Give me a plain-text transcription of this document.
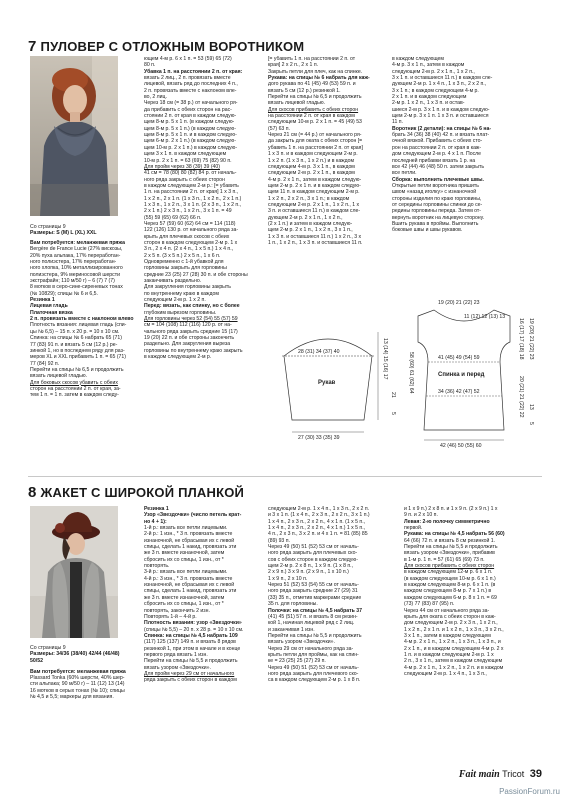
7 ПУЛОВЕР С ОТЛОЖНЫМ ВОРОТНИКОМ
Со страницы 9
Размеры: S (M) L (XL) XXL

Вам потребуется: меланжевая пряжа

Bergère de France Lucie (27% вискозы,

20% пуха альпака, 17% переработан-

ного полиэстера, 17% переработан-

ного хлопка, 10% металлизированного

полиэстера, 9% мериносовой шерсти

экстрафайн; 110 м/50 г) – 6 (7) 7 (7)

8 мотков в серо-сине-сиреневых тонах

(№ 10829); спицы № 6 и 6,5.

Резинка 1

Лицевая гладь

Платочная вязка

2 п. провязать вместе с наклоном влево

Плотность вязания: лицевая гладь (спи-

цы № 6,5) – 15 п. x 20 р. = 10 x 10 см.

Спинка: на спицы № 6 набрать 65 (71)

77 (83) 91 п. и вязать 5 см (12 р.) ре-

зинкой 1, но в последнем ряду для раз-

меров XL и XXL прибавить 1 п. = 65 (71)

77 (84) 92 п.

Перейти на спицы № 6,5 и продолжить

вязать лицевой гладью.

Для боковых скосов убавить с обеих

сторон на расстоянии 2 п. от края, за-

тем 1 п. = 1 п. затем в каждом следу-

ющем 4-м р. 6 x 1 п. = 53 (59) 65 (72)

80 п.

Убавка 1 п. на расстоянии 2 п. от края:

вязать 2 лиц., 2 п. провязать вместе

лицевой, вязать ряд до последних 4 п.,

2 п. провязать вместе с наклоном вле-

во, 2 лиц.

Через 18 см (= 38 р.) от начального ря-

да прибавить с обеих сторон на рас-

стоянии 2 п. от края в каждом следую-

щем 8-м р. 5 x 1 п. (в каждом следую-

щем 8-м р. 5 x 1 п.) (в каждом следую-

щем 8-м р. 5 x 1 п. и в каждом следую-

щем 6-м р. 2 x 1 п.) (в каждом следую-

щем 10-м р. 2 x 1 п.) в каждом следую-

щем 3 x 1 п. в каждом следующем

10-м р. 2 x 1 п. = 63 (69) 75 (82) 90 п.

Для пройм через 38 (39) 39 (40)

41 см = 78 (80) 80 (82) 84 р. от началь-

ного ряда закрыть с обеих сторон

в каждом следующем 2-м р.: [= убавить

1 п. на расстоянии 2 п. от края] 1 x 3 п.,

1 x 2 п., 2 x 1 п. (1 x 3 п., 1 x 2 п., 2 x 1 п.)

1 x 3 п., 1 x 2 п., 3 x 1 п. (2 x 3 п., 1 x 2 п.,

2 x 1 п.) 2 x 3 п., 1 x 2 п., 3 x 1 п. = 49

(55) 59 (65) 69 (62) 66 п.

Через 57 (59) 60 (62) 64 см = 114 (118)

122 (126) 130 р. от начального ряда за-

крыть для плечевых скосов с обеих

сторон в каждом следующем 2-м р. 1 x

3 п., 2 x 4 п. (2 x 4 п., 1 x 5 п.) 1 x 4 п.,

2 x 5 п. (3 x 5 п.) 2 x 5 п., 1 x 6 п.

Одновременно с 1-й убавкой для

горловины закрыть для горловины

средние 23 (25) 27 (28) 30 п. и обе стороны

заканчивать раздельно.

Для закругления горловины закрыть

по внутреннему краю в каждом

следующем 2-м р. 1 x 2 п.

Перед: вязать, как спинку, но с более

глубоким вырезом горловины.

Для горловины через 52 (54) 55 (57) 59

см = 104 (108) 112 (116) 120 р. от на-

чального ряда закрыть средние 15 (17)

19 (20) 22 п. и обе стороны закончить

раздельно. Для закругления выреза

горловины по внутреннему краю закрыть

в каждом следующем 2-м р.

[= убавить 1 п. на расстоянии 2 п. от

края] 2 x 2 п., 2 x 1 п.

Закрыть петли для плеч, как на спинке.

Рукава: на спицы № 6 набрать для каж-

дого рукава по 41 (45) 49 (53) 59 п. и

вязать 5 см (12 р.) резинкой 1.

Перейти на спицы № 6,5 и продолжить

вязать лицевой гладью.

Для скосов прибавить с обеих сторон

на расстоянии 2 п. от края в каждом

следующем 10-м р. 2 x 1 п. = 45 (49) 53

(57) 63 п.

Через 21 см (= 44 р.) от начального ря-

да закрыть для оката с обеих сторон [=

убавить 1 п. на расстоянии 2 п. от края]

1 x 3 п. и в каждом следующем 2-м р.

1 x 2 п. (1 x 3 п., 1 x 2 п.) и в каждом

следующем 4-м р. 3 x 1 п., в каждом

следующем 2-м р. 2 x 1 п., в каждом

4-м р. 2 x 1 п., затем в каждом следую-

щем 2-м р. 2 x 1 п. и в каждом следую-

щем 11 п. в каждом следующем 2-м р.

1 x 2 п., 2 x 2 п., 3 x 1 п.; в каждом

следующем 2-м р. 2 x 1 п., 1 x 2 п., 1 x

3 п. и оставшиеся 11 п.) в каждом сле-

дующем 2-м р. 2 x 1 п., 1 x 2 п.,

(2 x 1 п.) и затем в каждом следую-

щем 2-м р. 2 x 1 п., 1 x 2 п., 3 x 1 п.,

1 x 3 п. и оставшиеся 11 п.) 1 x 2 п., 3 x

1 п., 1 x 2 п., 1 x 3 п. и оставшиеся 11 п.

в каждом следующем

4-м р. 3 x 1 п., затем в каждом

следующем 2-м р. 2 x 1 п., 1 x 2 п.,

3 x 1 п. и оставшиеся 11 п.) в каждом сле-

дующем 2-м р. 1 x 4 п., 1 x 3 п., 2 x 2 п.,

3 x 1 п.; в каждом следующем 4-м р.

2 x 1 п. и в каждом следующем

2-м р. 1 x 2 п., 1 x 3 п. и остав-

шиеся 2-м р. 3 x 1 п. и в каждом следую-

щем 2-м р. 3 x 1 п. 1 x 3 п. и оставшиеся

11 п.

Воротник (2 детали): на спицы № 6 на-

брать 34 (36) 38 (40) 42 п. и вязать плат-

очной вязкой. Прибавить с обеих сто-

рон на расстоянии 2 п. от края в каж-

дом следующем 2-м р. 4 x 1 п. После

последней прибавки вязать 1 р. на

все 42 (44) 46 (48) 50 п. затем закрыть

все петли.

Сборка: выполнить плечевые швы.

Открытые петли воротника пришить

швом «назад иголку» с изнаночной

стороны изделия по краю горловины,

от середины горловины спинки до се-

редины горловины переда. Затем от-

вернуть воротник на лицевую сторону.

Вшить рукава в проймы. Выполнить

боковые швы и швы рукавов.

28 (31) 34 (37) 40
Рукав
27 (30) 33 (35) 39
13 (14) 15 (16) 17
21
5
19 (20) 21 (22) 23
11 (12) 12 (13) 13
41 (45) 49 (54) 59
Спинка и перед
34 (36) 42 (47) 52
42 (46) 50 (55) 60
58 (60) 61 (62) 64
16 (17) 17 (18) 18 19 (20) 21 (22) 23
20 (21) 21 (22) 22 13
5
8 ЖАКЕТ С ШИРОКОЙ ПЛАНКОЙ
Со страницы 9
Размеры: 34/36 (38/40) 42/44 (46/48)
50/52
Вам потребуется: меланжевая пряжа
Plassard Tonka (60% шерсти, 40% шер-
сти альпака; 90 м/50 г) – 11 (12) 13 (14)
16 мотков в серых тонах (№ 10); спицы
№ 4,5 и 5,5; маркеры для вязания.

Резинка 1

Узор «Звездочки» (число петель крат-

но 4 + 1):

1-й р.: вязать все петли лицевыми.

2-й р.: 1 изн., * 3 п. провязать вместе

изнаночной, не сбрасывая их с левой

спицы, сделать 1 накид, провязать эти

же 3 п. вместе изнаночной, затем

сбросить их со спицы, 1 изн., от *

повторять.

3-й р.: вязать все петли лицевыми.

4-й р.: 3 изн., * 3 п. провязать вместе

изнаночной, не сбрасывая их с левой

спицы, сделать 1 накид, провязать эти

же 3 п. вместе изнаночной, затем

сбросить их со спицы, 1 изн., от *

повторять, закончить 2 изн.

Повторять 1-й – 4-й р.

Плотность вязания: узор «Звездочки»

(спицы № 5,5) – 20 п. x 28 р. = 10 x 10 см.

Спинка: на спицы № 4,5 набрать 109

(117) 125 (137) 149 п. и вязать 8 рядов

резинкой 1, при этом в начале и в конце

первого ряда вязать 1 изн.

Перейти на спицы № 5,5 и продолжить

вязать узором «Звездочки».

Для пройм через 29 см от начального

ряда закрыть с обеих сторон в каждом

следующем 2-м р. 1 x 4 п., 1 x 3 п., 2 x 2 п.

и 3 x 1 п. (1 x 4 п., 2 x 3 п., 2 x 2 п., 3 x 1 п.)

1 x 4 п., 2 x 3 п., 2 x 2 п., 4 x 1 п. (1 x 5 п.,

1 x 4 п., 2 x 3 п., 2 x 2 п., 4 x 1 п.) 1 x 5 п.,

4 п., 2 x 3 п., 3 x 2 п. и 4 x 1 п. = 81 (85) 85

(89) 93 п.

Через 49 (50) 51 (52) 53 см от началь-

ного ряда закрыть для плечевых ско-

сов с обеих сторон в каждом следую-

щем 2-м р. 2 x 8 п., 1 x 9 п. (1 x 8 п.,

2 x 9 п.) 3 x 9 п. (2 x 9 п., 1 x 10 п.)

1 x 9 п., 2 x 10 п.

Через 51 (52) 53 (54) 55 см от началь-

ного ряда закрыть средние 27 (29) 31

(33) 35 п., отметив маркерами средние

35 п. для горловины.

Полочки: на спицы № 4,5 набрать 37

(41) 45 (51) 57 п. и вязать 8 см резин-

кой 1, начиная лицевой ряд с 2 лиц.

и заканчивая 1 изн.

Перейти на спицы № 5,5 и продолжить

вязать узором «Звездочки».

Через 29 см от начального ряда за-

крыть петли для проймы, как на спин-

ке = 23 (25) 25 (27) 29 п.

Через 49 (50) 51 (52) 53 см от началь-

ного ряда закрыть для плечевого ско-

са в каждом следующем 2-м р. 1 x 8 п.

и 1 x 9 п.) 2 x 8 п. и 1 x 9 п. (2 x 9 п.) 1 x

9 п. и 2 x 10 п.

Левая: 2-ю полочку симметрично

первой.

Рукава: на спицы № 4,5 набрать 56 (60)

64 (66) 72 п. и вязать 8 см резинкой 1.

Перейти на спицы № 5,5 и продолжить

вязать узором «Звездочки», прибавив

в 1-м р. 1 п. = 57 (61) 65 (69) 73 п.

Для скосов прибавить с обеих сторон

в каждом следующем 12-м р. 6 x 1 п.

(в каждом следующем 10-м р. 6 x 1 п.)

в каждом следующем 8-м р. 6 x 1 п. (в

каждом следующем 8-м р. 7 x 1 п.) в

каждом следующем 6-м р. 8 x 1 п. = 69

(73) 77 (83) 87 (95) п.

Через 44 см от начального ряда за-

крыть для оката с обеих сторон в каж-

дом следующем 2-м р. 2 x 3 п., 1 x 2 п.,

1 x 2 п., 2 x 1 п. и 1 x 2 п., 1 x 3 п., 3 x 2 п.,

3 x 1 п., затем в каждом следующем

4-м р. 2 x 1 п., 1 x 2 п., 1 x 3 п., 1 x 3 п., и

2 x 1 п., и в каждом следующем 4-м р. 2 x

1 п. и в каждом следующем 2-м р. 1 x

2 п., 3 x 1 п., затем в каждом следующем

4-м р. 2 x 1 п., 1 x 2 п., 1 x 2 п. и в каждом

следующем 2-м р. 1 x 4 п., 1 x 3 п.,

Fait main Tricot 39
PassionForum.ru
